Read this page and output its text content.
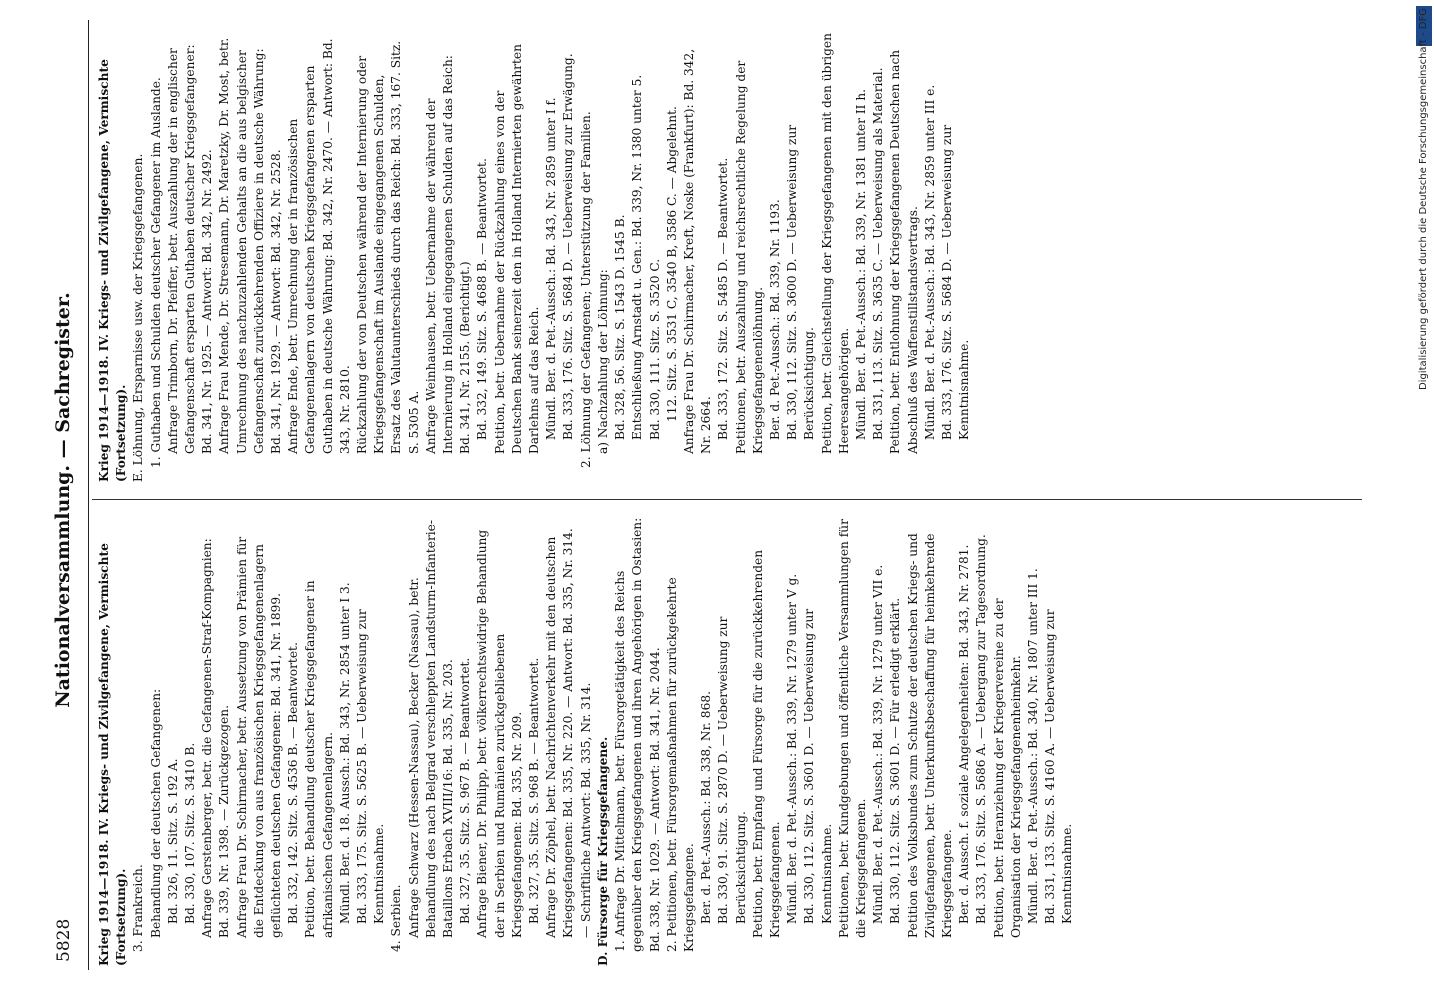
5828
Nationalversammlung. — Sachregister.

Krieg 1914—1918. IV. Kriegs- und Zivilgefangene, Vermischte (Fortsetzung). 3. Frankreich. Behandlung der deutschen Gefangenen: Bd. 326, 11. Sitz. S. 192 A. Bd. 330, 107. Sitz. S. 3410 B. Anfrage Gerstenberger, betr. die Gefangenen-Straf-Kompagnien: Bd. 339, Nr. 1398. — Zurückgezogen. Anfrage Frau Dr. Schirmacher, betr. Aussetzung von Prämien für die Entdeckung von aus französischen Kriegsgefangenenlagern geflüchteten deutschen Gefangenen: Bd. 341, Nr. 1899. Bd. 332, 142. Sitz. S. 4536 B. — Beantwortet. Petition, betr. Behandlung deutscher Kriegsgefangener in afrikanischen Gefangenenlagern. Mündl. Ber. d. 18. Aussch.: Bd. 343, Nr. 2854 unter I 3. Bd. 333, 175. Sitz. S. 5625 B. — Ueberweisung zur Kenntnisnahme. 4. Serbien. Anfrage Schwarz (Hessen-Nassau), Becker (Nassau), betr. Behandlung des nach Belgrad verschleppten Landsturm-Infanterie-Bataillons Erbach XVIII/16: Bd. 335, Nr. 203. Bd. 327, 35. Sitz. S. 967 B. — Beantwortet. Anfrage Biener, Dr. Philipp, betr. völkerrechtswidrige Behandlung der in Serbien und Rumänien zurückgebliebenen Kriegsgefangenen: Bd. 335, Nr. 209. Bd. 327, 35. Sitz. S. 968 B. — Beantwortet. Anfrage Dr. Zöphel, betr. Nachrichtenverkehr mit den deutschen Kriegsgefangenen: Bd. 335, Nr. 220. — Antwort: Bd. 335, Nr. 314. — Schriftliche Antwort: Bd. 335, Nr. 314. D. Fürsorge für Kriegsgefangene. 1. Anfrage Dr. Mittelmann, betr. Fürsorgetätigkeit des Reichs gegenüber den Kriegsgefangenen und ihren Angehörigen in Ostasien: Bd. 338, Nr. 1029. — Antwort: Bd. 341, Nr. 2044. 2. Petitionen, betr. Fürsorgemaßnahmen für zurückgekehrte Kriegsgefangene. Ber. d. Pet.-Aussch.: Bd. 338, Nr. 868. Bd. 330, 91. Sitz. S. 2870 D. — Ueberweisung zur Berücksichtigung. Petition, betr. Empfang und Fürsorge für die zurückkehrenden Kriegsgefangenen. Mündl. Ber. d. Pet.-Aussch.: Bd. 339, Nr. 1279 unter V g. Bd. 330, 112. Sitz. S. 3601 D. — Ueberweisung zur Kenntnisnahme. Petitionen, betr. Kundgebungen und öffentliche Versammlungen für die Kriegsgefangenen. Mündl. Ber. d. Pet.-Aussch.: Bd. 339, Nr. 1279 unter VII e. Bd. 330, 112. Sitz. S. 3601 D. — Für erledigt erklärt. Petition des Volksbundes zum Schutze der deutschen Kriegs- und Zivilgefangenen, betr. Unterkunftsbeschaffung für heimkehrende Kriegsgefangene. Ber. d. Aussch. f. soziale Angelegenheiten: Bd. 343, Nr. 2781. Bd. 333, 176. Sitz. S. 5686 A. — Uebergang zur Tagesordnung. Petition, betr. Heranziehung der Kriegervereine zu der Organisation der Kriegsgefangenenheimkehr. Mündl. Ber. d. Pet.-Aussch.: Bd. 340, Nr. 1807 unter III 1. Bd. 331, 133. Sitz. S. 4160 A. — Ueberweisung zur Kenntnisnahme.

Krieg 1914—1918. IV. Kriegs- und Zivilgefangene, Vermischte (Fortsetzung). E. Löhnung, Ersparnisse usw. der Kriegsgefangenen. 1. Guthaben und Schulden deutscher Gefangener im Auslande. Anfrage Trimborn, Dr. Pfeiffer, betr. Auszahlung der in englischer Gefangenschaft ersparten Guthaben deutscher Kriegsgefangener: Bd. 341, Nr. 1925. — Antwort: Bd. 342, Nr. 2492. Anfrage Frau Mende, Dr. Stresemann, Dr. Maretzky, Dr. Most, betr. Umrechnung des nachzuzahlenden Gehalts an die aus belgischer Gefangenschaft zurückkehrenden Offiziere in deutsche Währung: Bd. 341, Nr. 1929. — Antwort: Bd. 342, Nr. 2528. Anfrage Ende, betr. Umrechnung der in französischen Gefangenenlagern von deutschen Kriegsgefangenen ersparten Guthaben in deutsche Währung: Bd. 342, Nr. 2470. — Antwort: Bd. 343, Nr. 2810. Rückzahlung der von Deutschen während der Internierung oder Kriegsgefangenschaft im Auslande eingegangenen Schulden, Ersatz des Valutaunterschieds durch das Reich: Bd. 333, 167. Sitz. S. 5305 A. Anfrage Weinhausen, betr. Uebernahme der während der Internierung in Holland eingegangenen Schulden auf das Reich: Bd. 341, Nr. 2155. (Berichtigt.) Bd. 332, 149. Sitz. S. 4688 B. — Beantwortet. Petition, betr. Uebernahme der Rückzahlung eines von der Deutschen Bank seinerzeit den in Holland Internierten gewährten Darlehns auf das Reich. Mündl. Ber. d. Pet.-Aussch.: Bd. 343, Nr. 2859 unter I f. Bd. 333, 176. Sitz. S. 5684 D. — Ueberweisung zur Erwägung. 2. Löhnung der Gefangenen; Unterstützung der Familien. a) Nachzahlung der Löhnung: Bd. 328, 56. Sitz. S. 1543 D. 1545 B. Entschließung Arnstadt u. Gen.: Bd. 339, Nr. 1380 unter 5. Bd. 330, 111. Sitz. S. 3520 C. 112. Sitz. S. 3531 C, 3540 B, 3586 C. — Abgelehnt. Anfrage Frau Dr. Schirmacher, Kreft, Noske (Frankfurt): Bd. 342, Nr. 2664. Bd. 333, 172. Sitz. S. 5485 D. — Beantwortet. Petitionen, betr. Auszahlung und reichsrechtliche Regelung der Kriegsgefangenenlöhnung. Ber. d. Pet.-Aussch.: Bd. 339, Nr. 1193. Bd. 330, 112. Sitz. S. 3600 D. — Ueberweisung zur Berücksichtigung. Petition, betr. Gleichstellung der Kriegsgefangenen mit den übrigen Heeresangehörigen. Mündl. Ber. d. Pet.-Aussch.: Bd. 339, Nr. 1381 unter II h. Bd. 331, 113. Sitz. S. 3635 C. — Ueberweisung als Material. Petition, betr. Entlohnung der Kriegsgefangenen Deutschen nach Abschluß des Waffenstillstandsvertrags. Mündl. Ber. d. Pet.-Aussch.: Bd. 343, Nr. 2859 unter III e. Bd. 333, 176. Sitz. S. 5684 D. — Ueberweisung zur Kenntnisnahme.	Digitalisierung gefördert durch die Deutsche Forschungsgemeinschaft - DFG
